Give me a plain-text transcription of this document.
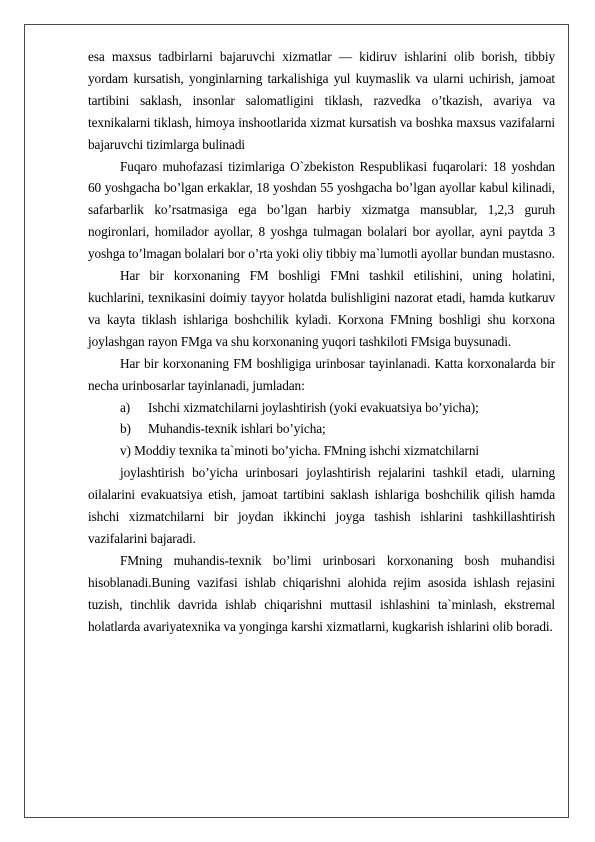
esa maxsus tadbirlarni bajaruvchi xizmatlar — kidiruv ishlarini olib borish, tibbiy yordam kursatish, yonginlarning tarkalishiga yul kuymaslik va ularni uchirish, jamoat tartibini saklash, insonlar salomatligini tiklash, razvedka o’tkazish, avariya va texnikalarni tiklash, himoya inshootlarida xizmat kursatish va boshka maxsus vazifalarni bajaruvchi tizimlarga bulinadi

Fuqaro muhofazasi tizimlariga O`zbekiston Respublikasi fuqarolari: 18 yoshdan 60 yoshgacha bo’lgan erkaklar, 18 yoshdan 55 yoshgacha bo’lgan ayollar kabul kilinadi, safarbarlik ko’rsatmasiga ega bo’lgan harbiy xizmatga mansublar, 1,2,3 guruh nogironlari, homilador ayollar, 8 yoshga tulmagan bolalari bor ayollar, ayni paytda 3 yoshga to’lmagan bolalari bor o’rta yoki oliy tibbiy ma`lumotli ayollar bundan mustasno.

Har bir korxonaning FM boshligi FMni tashkil etilishini, uning holatini, kuchlarini, texnikasini doimiy tayyor holatda bulishligini nazorat etadi, hamda kutkaruv va kayta tiklash ishlariga boshchilik kyladi. Korxona FMning boshligi shu korxona joylashgan rayon FMga va shu korxonaning yuqori tashkiloti FMsiga buysunadi.

Har bir korxonaning FM boshligiga urinbosar tayinlanadi. Katta korxonalarda bir necha urinbosarlar tayinlanadi, jumladan:

a)	Ishchi xizmatchilarni joylashtirish (yoki evakuatsiya bo’yicha);
b)	Muhandis-texnik ishlari bo’yicha;

v) Moddiy texnika ta`minoti bo’yicha. FMning ishchi xizmatchilarni

joylashtirish bo’yicha urinbosari joylashtirish rejalarini tashkil etadi, ularning oilalarini evakuatsiya etish, jamoat tartibini saklash ishlariga boshchilik qilish hamda ishchi xizmatchilarni bir joydan ikkinchi joyga tashish ishlarini tashkillashtirish vazifalarini bajaradi.

FMning muhandis-texnik bo’limi urinbosari korxonaning bosh muhandisi hisoblanadi.Buning vazifasi ishlab chiqarishni alohida rejim asosida ishlash rejasini tuzish, tinchlik davrida ishlab chiqarishni muttasil ishlashini ta`minlash, ekstremal holatlarda avariyatexnika va yonginga karshi xizmatlarni, kugkarish ishlarini olib boradi.
